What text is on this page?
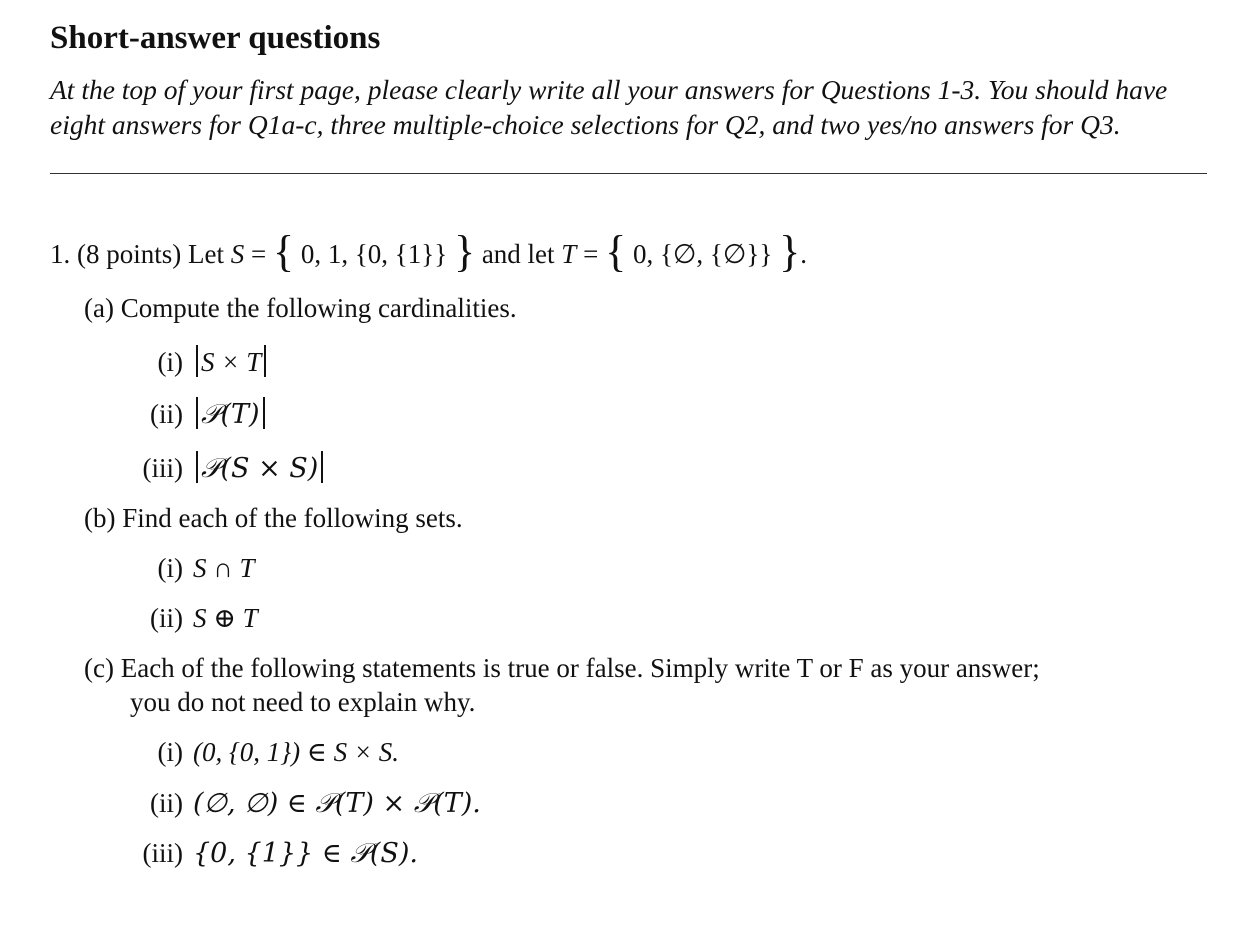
Short-answer questions
At the top of your first page, please clearly write all your answers for Questions 1-3. You should have
eight answers for Q1a-c, three multiple-choice selections for Q2, and two yes/no answers for Q3.
1. (8 points) Let S = { 0, 1, {0, {1}} } and let T = { 0, {∅, {∅}} }.
(a) Compute the following cardinalities.
(i) S × T
(ii) 𝒫(T)
(iii) 𝒫(S × S)
(b) Find each of the following sets.
(i) S ∩ T
(ii) S ⊕ T
(c) Each of the following statements is true or false. Simply write T or F as your answer;
you do not need to explain why.
(i) (0, {0, 1}) ∈ S × S.
(ii) (∅, ∅) ∈ 𝒫(T) × 𝒫(T).
(iii) {0, {1}} ∈ 𝒫(S).
